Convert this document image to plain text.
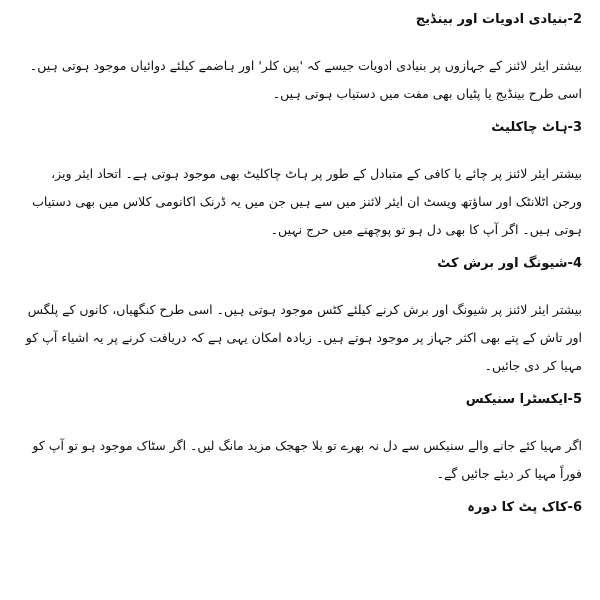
2-بنیادی ادویات اور بینڈیج

بیشتر ایئر لائنز کے جہازوں پر بنیادی ادویات جیسے کہ 'پین کلر' اور ہاضمے کیلئے دوائیاں موجود ہوتی ہیں۔ اسی طرح بینڈیج یا پٹیاں بھی مفت میں دستیاب ہوتی ہیں۔

3-ہاٹ چاکلیٹ

بیشتر ایئر لائنز پر چائے یا کافی کے متبادل کے طور پر ہاٹ چاکلیٹ بھی موجود ہوتی ہے۔ اتحاد ایئر ویز، ورجن اٹلانٹک اور ساؤتھ ویسٹ ان ایئر لائنز میں سے ہیں جن میں یہ ڈرنک اکانومی کلاس میں بھی دستیاب ہوتی ہیں۔ اگر آپ کا بھی دل ہو تو پوچھنے میں حرج نہیں۔

4-شیونگ اور برش کٹ

بیشتر ایئر لائنز پر شیونگ اور برش کرنے کیلئے کٹس موجود ہوتی ہیں۔ اسی طرح کنگھیاں، کانوں کے پلگس اور تاش کے پتے بھی اکثر جہاز پر موجود ہوتے ہیں۔ زیادہ امکان یہی ہے کہ دریافت کرنے پر یہ اشیاء آپ کو مہیا کر دی جائیں۔

5-ایکسٹرا سنیکس

اگر مہیا کئے جانے والے سنیکس سے دل نہ بھرے تو بلا جھجک مزید مانگ لیں۔ اگر سٹاک موجود ہو تو آپ کو فوراً مہیا کر دیئے جائیں گے۔

6-کاک پٹ کا دورہ
